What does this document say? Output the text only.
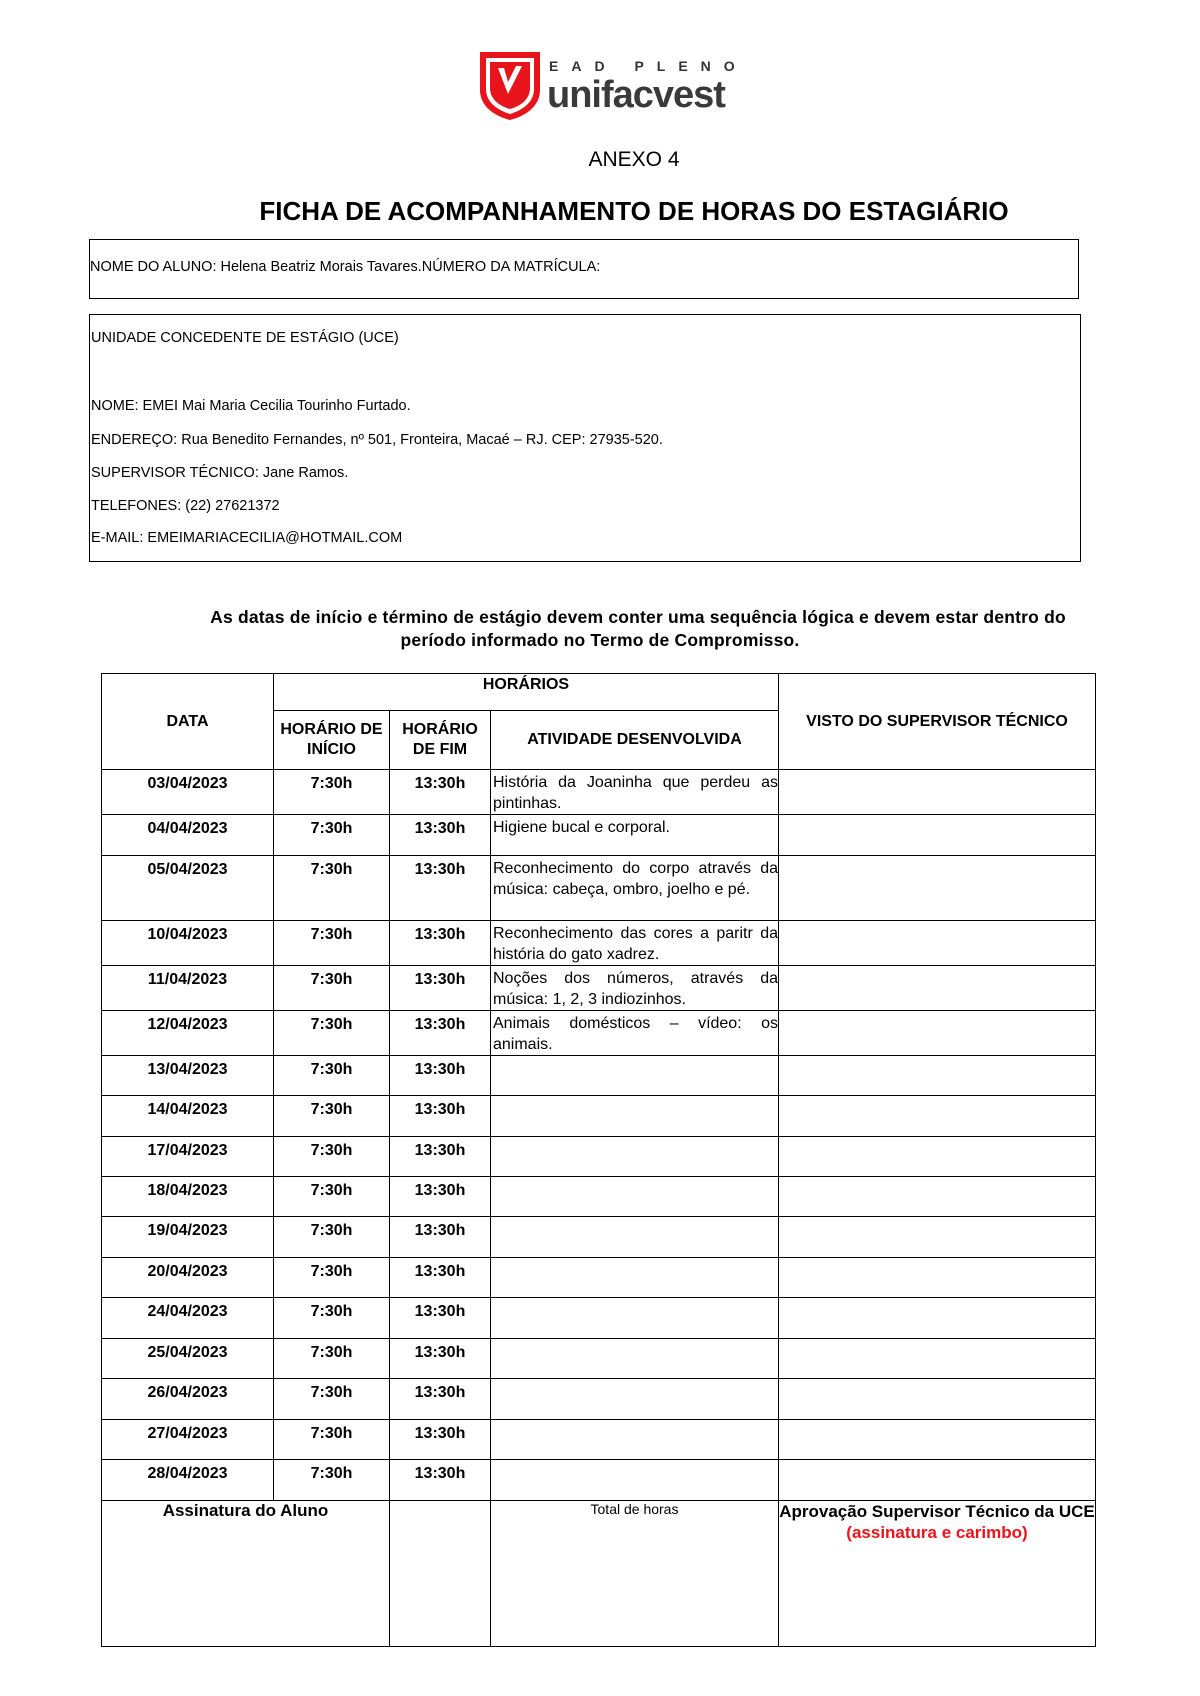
EAD PLENO
unifacvest
ANEXO 4
FICHA DE ACOMPANHAMENTO DE HORAS DO ESTAGIÁRIO
NOME DO ALUNO: Helena Beatriz Morais Tavares.NÚMERO DA MATRÍCULA:
UNIDADE CONCEDENTE DE ESTÁGIO (UCE)
NOME: EMEI Mai Maria Cecilia Tourinho Furtado.
ENDEREÇO: Rua Benedito Fernandes, nº 501, Fronteira, Macaé – RJ. CEP: 27935-520.
SUPERVISOR TÉCNICO: Jane Ramos.
TELEFONES: (22) 27621372
E-MAIL: EMEIMARIACECILIA@HOTMAIL.COM
As datas de início e término de estágio devem conter uma sequência lógica e devem estar dentro do
período informado no Termo de Compromisso.
DATA	HORÁRIOS			VISTO DO SUPERVISOR TÉCNICO
	HORÁRIO DE INÍCIO	HORÁRIO DE FIM	ATIVIDADE DESENVOLVIDA	
03/04/2023	7:30h	13:30h	História da Joaninha que perdeu as pintinhas.	
04/04/2023	7:30h	13:30h	Higiene bucal e corporal.	
05/04/2023	7:30h	13:30h	Reconhecimento do corpo através da música: cabeça, ombro, joelho e pé.	
10/04/2023	7:30h	13:30h	Reconhecimento das cores a paritr da história do gato xadrez.	
11/04/2023	7:30h	13:30h	Noções dos números, através da música: 1, 2, 3 indiozinhos.	
12/04/2023	7:30h	13:30h	Animais domésticos – vídeo: os animais.	
13/04/2023	7:30h	13:30h		
14/04/2023	7:30h	13:30h		
17/04/2023	7:30h	13:30h		
18/04/2023	7:30h	13:30h		
19/04/2023	7:30h	13:30h		
20/04/2023	7:30h	13:30h		
24/04/2023	7:30h	13:30h		
25/04/2023	7:30h	13:30h		
26/04/2023	7:30h	13:30h		
27/04/2023	7:30h	13:30h		
28/04/2023	7:30h	13:30h		
Assinatura do Aluno			Total de horas	Aprovação Supervisor Técnico da UCE
(assinatura e carimbo)
